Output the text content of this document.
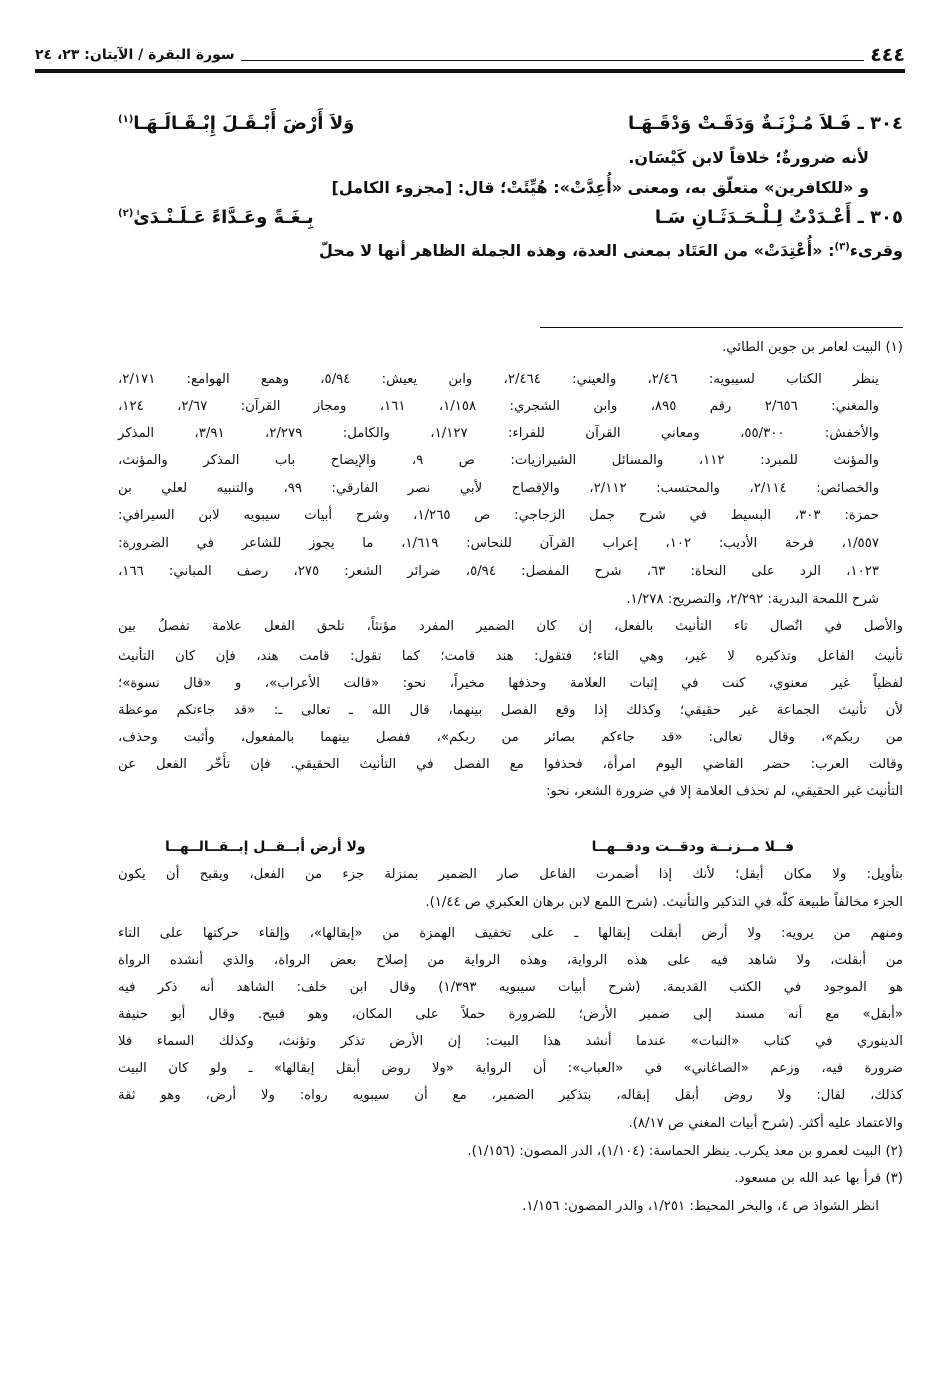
٤٤٤
سورة البقرة / الآيتان: ٢٣، ٢٤
٣٠٤ ـ فَـلاَ مُـزْنَـةٌ وَدَقَـتْ وَدْقَـهَـا
وَلاَ أَرْضَ أَبْـقَـلَ إِبْـقَـالَـهَـا$^{(١)}$
لأنه ضرورةٌ؛ خلافاً لابن كَيْسَان.
و «للكافرين» متعلّق به، ومعنى «أُعِدَّتْ»: هُيِّئَتْ؛ قال: [مجزوء الكامل]
٣٠٥ ـ أَعْـدَدْتُ لِـلْـحَـدَثَـانِ سَـا
بِـغَـةً وعَـدَّاءً عَـلَـنْـدَىٰ$^{(٢)}$
وقرىء$^{(٣)}$: «أُعْتِدَتْ» من العَتَاد بمعنى العدة، وهذه الجملة الظاهر أنها لا محلّ
(١) البيت لعامر بن جوين الطائي.
ينظر الكتاب لسيبويه: ٢/٤٦، والعيني: ٢/٤٦٤، وابن يعيش: ٥/٩٤، وهمع الهوامع: ٢/١٧١،
والمغني: ٢/٦٥٦ رقم ٨٩٥، وابن الشجري: ١/١٥٨، ١٦١، ومجاز القرآن: ٢/٦٧، ١٢٤،
والأخفش: ٥٥/٣٠٠، ومعاني القرآن للفراء: ١/١٢٧، والكامل: ٢/٢٧٩، ٣/٩١، المذكر
والمؤنث للمبرد: ١١٢، والمسائل الشيرازيات: ص ٩، والإيضاح باب المذكر والمؤنث،
والخصائص: ٢/١١٤، والمحتسب: ٢/١١٢، والإفصاح لأبي نصر الفارقي: ٩٩، والتنبيه لعلي بن
حمزة: ٣٠٣، البسيط في شرح جمل الزجاجي: ص ١/٢٦٥، وشرح أبيات سيبويه لابن السيرافي:
١/٥٥٧، فرحة الأديب: ١٠٢، إعراب القرآن للنحاس: ١/٦١٩، ما يجوز للشاعر في الضرورة:
١٠٢٣، الرد على النحاة: ٦٣، شرح المفصل: ٥/٩٤، ضرائر الشعر: ٢٧٥، رصف المباني: ١٦٦،
شرح اللمحة البدرية: ٢/٢٩٢، والتصريح: ١/٢٧٨.
والأصل في اتُصال تاء التأنيث بالفعل، إن كان الضمير المفرد مؤنثاً، تلحق الفعل علامة تفصلُ بين
تأنيث الفاعل وتذكيره لا غير، وهي التاء؛ فتقول: هند قامت؛ كما تقول: قامت هند، فإن كان التأنيث
لفظياً غير معنوي، كنت في إثبات العلامة وحذفها مخيراً، نحو: «قالت الأعراب»، و «قال نسوة»؛
لأن تأنيث الجماعة غير حقيقي؛ وكذلك إذا وقع الفصل بينهما، قال الله ـ تعالى ـ: «قد جاءتكم موعظة
من ربكم»، وقال تعالى: «قد جاءكم بصائر من ربكم»، ففصل بينهما بالمفعول، وأثبت وحذف،
وقالت العرب: حضر القاضي اليوم امرأة، فحذفوا مع الفصل في التأنيث الحقيقي. فإن تأَخّر الفعل عن
التأنيث غير الحقيقي، لم تحذف العلامة إلا في ضرورة الشعر، نحو:
فــلا مــزنــة ودقــت ودقــهــا
ولا أرض أبــقــل إبــقــالــهــا
بتأويل: ولا مكان أبقل؛ لأنك إذا أضمرت الفاعل صار الضمير بمنزلة جزء من الفعل، ويقبح أن يكون
الجزء مخالفاً طبيعة كلّه في التذكير والتأنيث. (شرح اللمع لابن برهان العكبري ص ١/٤٤).
ومنهم من يرويه: ولا أرض أبقلت إبقالها ـ على تخفيف الهمزة من «إبقالها»، وإلقاء حركتها على التاء
من أبقلت، ولا شاهد فيه على هذه الرواية، وهذه الرواية من إصلاح بعض الرواة، والذي أنشده الرواة
هو الموجود في الكتب القديمة. (شرح أبيات سيبويه ١/٣٩٣) وقال ابن خلف: الشاهد أنه ذكر فيه
«أبقل» مع أنه مسند إلى ضمير الأرض؛ للضرورة حملاً على المكان، وهو قبيح. وقال أبو حنيفة
الدينوري في كتاب «النبات» عندما أنشد هذا البيت: إن الأرض تذكر وتؤنث، وكذلك السماء فلا
ضرورة فيه، وزعم «الصاغاني» في «العباب»: أن الرواية «ولا روض أبقل إبقالها» ـ ولو كان البيت
كذلك، لقال: ولا روض أبقل إبقاله، بتذكير الضمير، مع أن سيبويه رواه: ولا أرض، وهو ثقة
والاعتماد عليه أكثر. (شرح أبيات المغني ص ٨/١٧).
(٢) البيت لعمرو بن معد يكرب. ينظر الحماسة: (١/١٠٤)، الدر المصون: (١/١٥٦).
(٣) قرأ بها عبد الله بن مسعود.
انظر الشواذ ص ٤، والبحر المحيط: ١/٢٥١، والدر المصون: ١/١٥٦.
